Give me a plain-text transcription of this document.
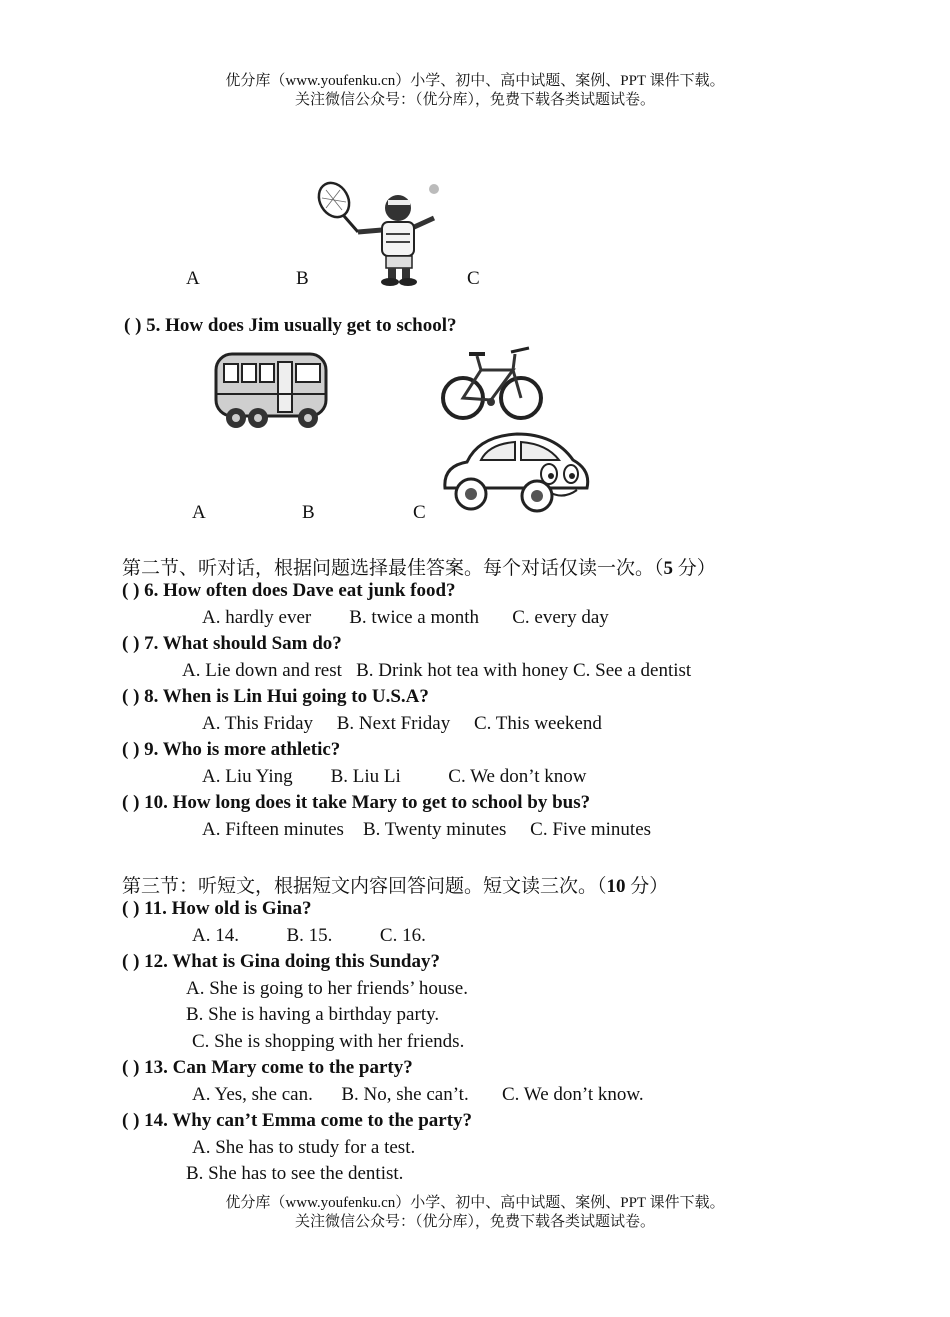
优分库（www.youfenku.cn）小学、初中、高中试题、案例、PPT 课件下载。
关注微信公众号：（优分库），免费下载各类试题试卷。
A	B	C
( ) 5. How does Jim usually get to school?
A	B	C
第二节、听对话，根据问题选择最佳答案。每个对话仅读一次。（5 分）
( ) 6. How often does Dave eat junk food?
A. hardly ever        B. twice a month       C. every day
( ) 7. What should Sam do?
A. Lie down and rest   B. Drink hot tea with honey C. See a dentist
( ) 8. When is Lin Hui going to U.S.A?
A. This Friday     B. Next Friday     C. This weekend
( ) 9. Who is more athletic?
A. Liu Ying        B. Liu Li          C. We don’t know
( ) 10. How long does it take Mary to get to school by bus?
A. Fifteen minutes    B. Twenty minutes     C. Five minutes
第三节：听短文，根据短文内容回答问题。短文读三次。（10 分）
( ) 11. How old is Gina?
A. 14.          B. 15.          C. 16.
( ) 12. What is Gina doing this Sunday?
A. She is going to her friends’ house.
B. She is having a birthday party.
C. She is shopping with her friends.
( ) 13. Can Mary come to the party?
A. Yes, she can.      B. No, she can’t.       C. We don’t know.
( ) 14. Why can’t Emma come to the party?
A. She has to study for a test.
B. She has to see the dentist.
优分库（www.youfenku.cn）小学、初中、高中试题、案例、PPT 课件下载。
关注微信公众号：（优分库），免费下载各类试题试卷。
